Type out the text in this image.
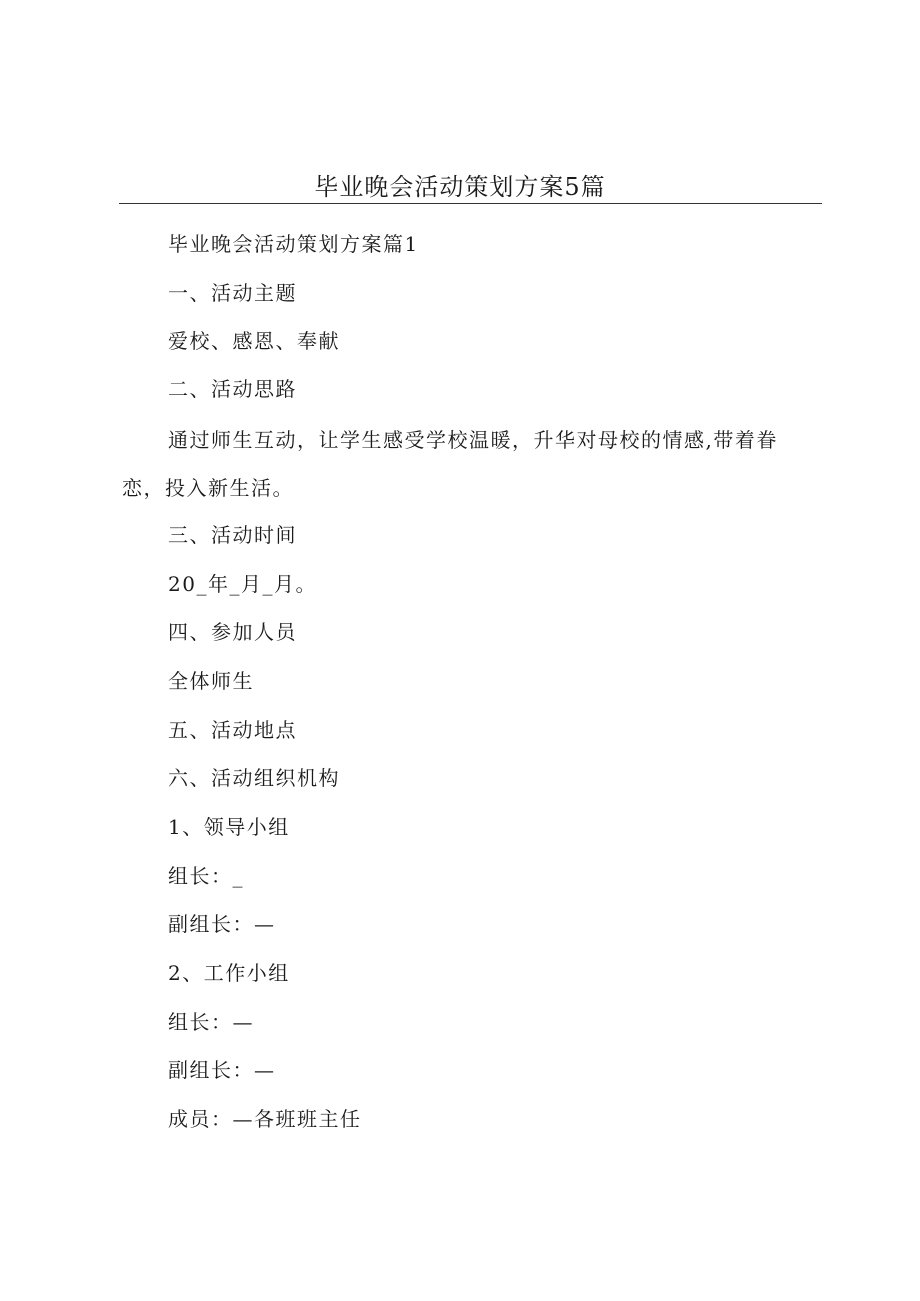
毕业晚会活动策划方案5篇

毕业晚会活动策划方案篇1

一、活动主题

爱校、感恩、奉献

二、活动思路

通过师生互动，让学生感受学校温暖，升华对母校的情感,带着眷恋，投入新生活。

三、活动时间

20_年_月_月。

四、参加人员

全体师生

五、活动地点

六、活动组织机构

1、领导小组

组长：_

副组长：—

2、工作小组

组长：—

副组长：—

成员：—各班班主任
